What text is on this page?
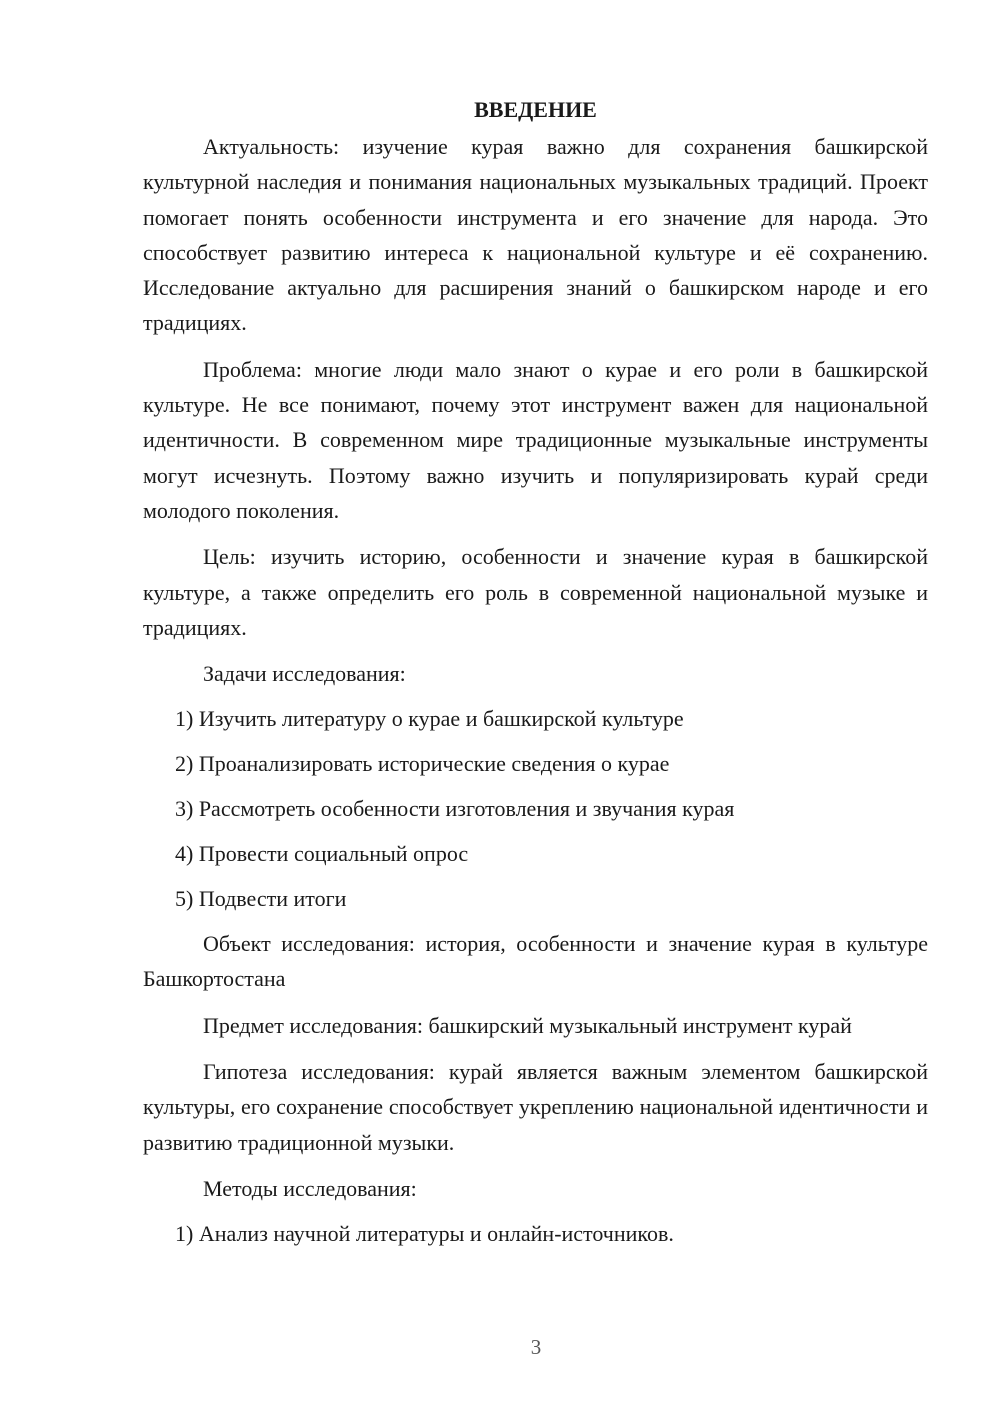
ВВЕДЕНИЕ

Актуальность: изучение курая важно для сохранения башкирской культурной наследия и понимания национальных музыкальных традиций. Проект помогает понять особенности инструмента и его значение для народа. Это способствует развитию интереса к национальной культуре и её сохранению. Исследование актуально для расширения знаний о башкирском народе и его традициях.

Проблема: многие люди мало знают о курае и его роли в башкирской культуре. Не все понимают, почему этот инструмент важен для национальной идентичности. В современном мире традиционные музыкальные инструменты могут исчезнуть. Поэтому важно изучить и популяризировать курай среди молодого поколения.

Цель: изучить историю, особенности и значение курая в башкирской культуре, а также определить его роль в современной национальной музыке и традициях.

Задачи исследования:
1) Изучить литературу о курае и башкирской культуре
2) Проанализировать исторические сведения о курае
3) Рассмотреть особенности изготовления и звучания курая
4) Провести социальный опрос
5) Подвести итоги

Объект исследования: история, особенности и значение курая в культуре Башкортостана

Предмет исследования: башкирский музыкальный инструмент курай

Гипотеза исследования: курай является важным элементом башкирской культуры, его сохранение способствует укреплению национальной идентичности и развитию традиционной музыки.

Методы исследования:
1) Анализ научной литературы и онлайн-источников.
3
